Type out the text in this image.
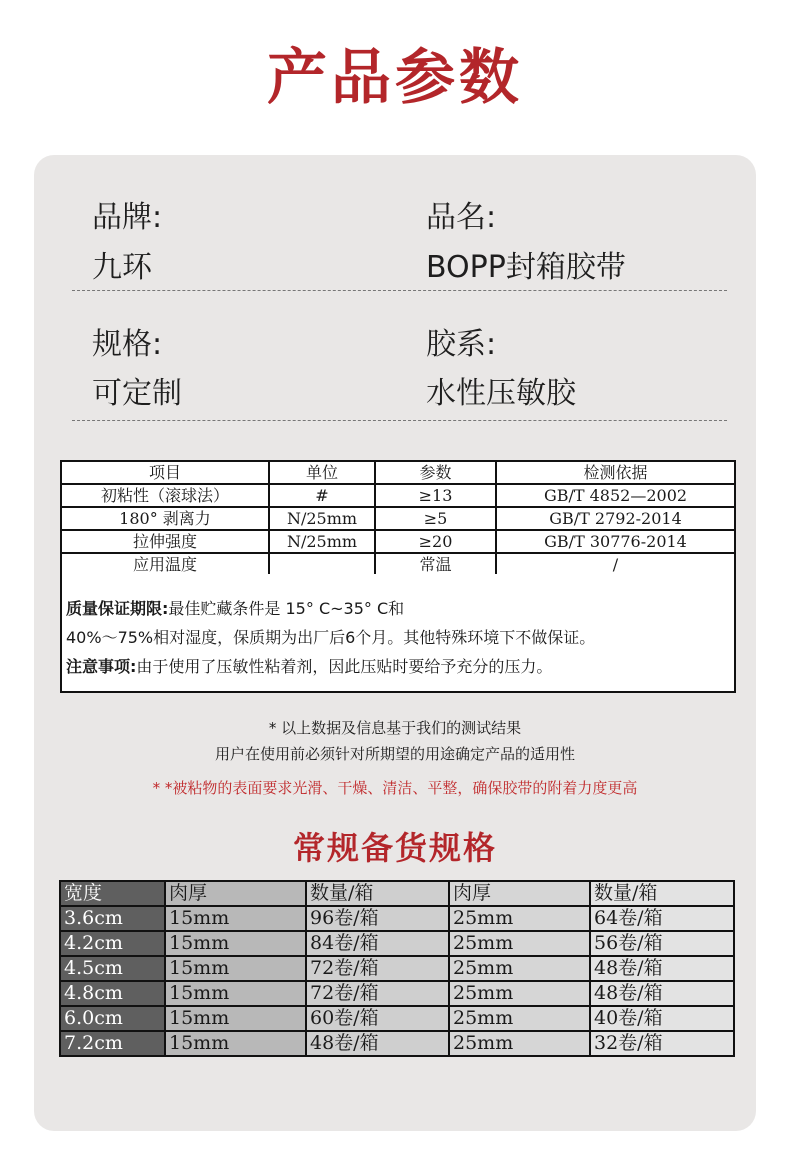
产品参数
品牌:	品名:
九环	BOPP封箱胶带
规格:	胶系:
可定制	水性压敏胶
项目	单位	参数	检测依据
初粘性（滚球法）	#	≥13	GB/T 4852—2002
180° 剥离力	N/25mm	≥5	GB/T 2792-2014
拉伸强度	N/25mm	≥20	GB/T 30776-2014
应用温度		常温	/

质量保证期限:最佳贮藏条件是 15° C~35° C和

40%～75%相对湿度，保质期为出厂后6个月。其他特殊环境下不做保证。

注意事项:由于使用了压敏性粘着剂，因此压贴时要给予充分的压力。

* 以上数据及信息基于我们的测试结果
用户在使用前必须针对所期望的用途确定产品的适用性
* *被粘物的表面要求光滑、干燥、清洁、平整，确保胶带的附着力度更高
常规备货规格
宽度	肉厚	数量/箱	肉厚	数量/箱
3.6cm	15mm	96卷/箱	25mm	64卷/箱
4.2cm	15mm	84卷/箱	25mm	56卷/箱
4.5cm	15mm	72卷/箱	25mm	48卷/箱
4.8cm	15mm	72卷/箱	25mm	48卷/箱
6.0cm	15mm	60卷/箱	25mm	40卷/箱
7.2cm	15mm	48卷/箱	25mm	32卷/箱
